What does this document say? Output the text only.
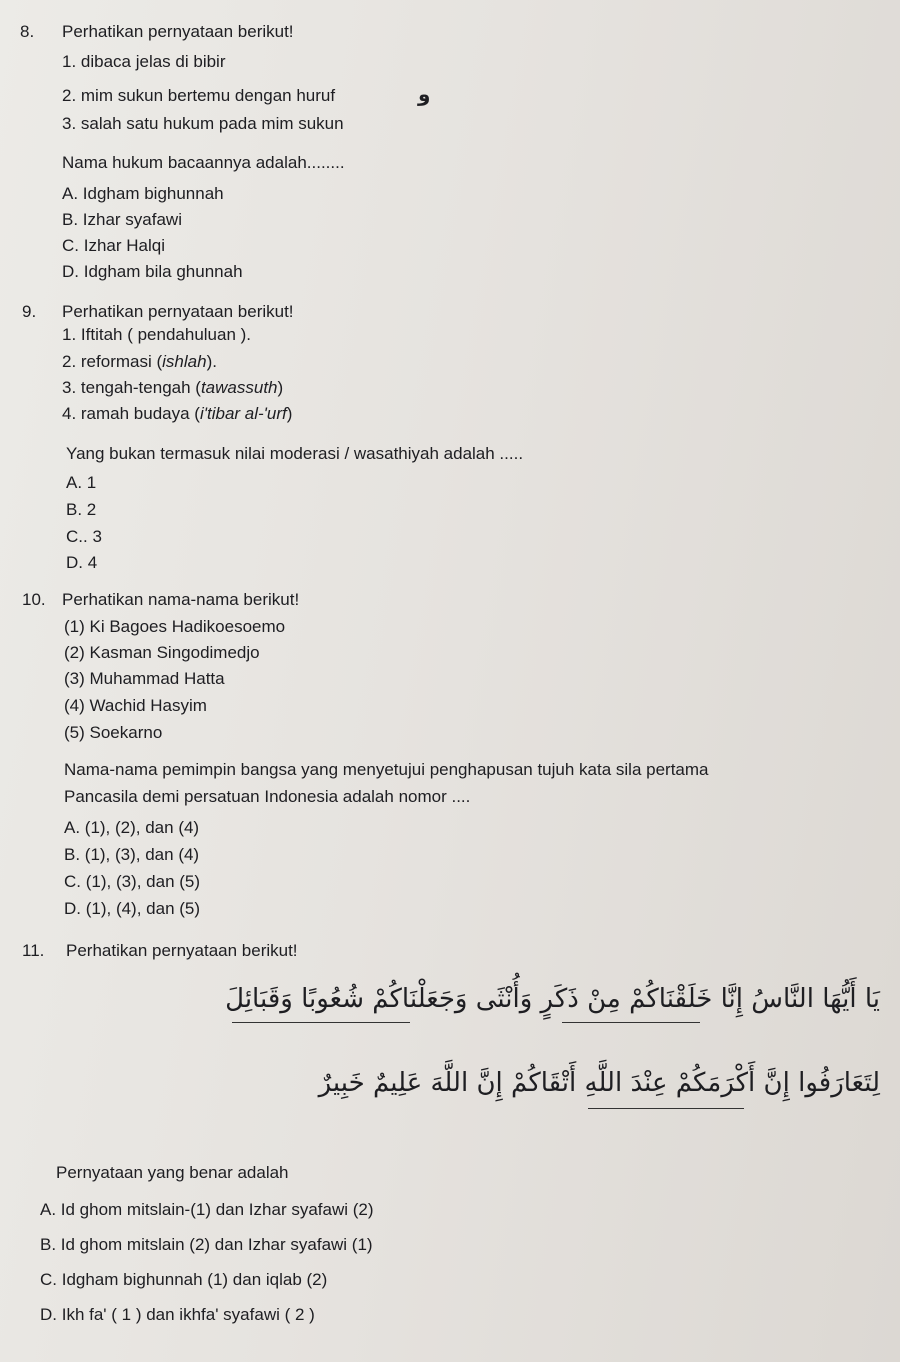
8. Perhatikan pernyataan berikut!
1. dibaca jelas di bibir
2. mim sukun bertemu dengan huruf	و
3. salah satu hukum pada mim sukun
Nama hukum bacaannya adalah........
A. Idgham bighunnah
B. Izhar syafawi
C. Izhar Halqi
D. Idgham bila ghunnah
9. Perhatikan pernyataan berikut!
1. Iftitah ( pendahuluan ).
2. reformasi (ishlah).
3. tengah-tengah (tawassuth)
4. ramah budaya (i'tibar al-'urf)
Yang bukan termasuk nilai moderasi / wasathiyah adalah .....
A. 1
B. 2
C.. 3
D. 4
10. Perhatikan nama-nama berikut!
(1) Ki Bagoes Hadikoesoemo
(2) Kasman Singodimedjo
(3) Muhammad Hatta
(4) Wachid Hasyim
(5) Soekarno
Nama-nama pemimpin bangsa yang menyetujui penghapusan tujuh kata sila pertama
Pancasila demi persatuan Indonesia adalah nomor ....
A. (1), (2), dan (4)
B. (1), (3), dan (4)
C. (1), (3), dan (5)
D. (1), (4), dan (5)
11. Perhatikan pernyataan berikut!
يَا أَيُّهَا النَّاسُ إِنَّا خَلَقْنَاكُمْ مِنْ ذَكَرٍ وَأُنْثَى وَجَعَلْنَاكُمْ شُعُوبًا وَقَبَائِلَ
لِتَعَارَفُوا إِنَّ أَكْرَمَكُمْ عِنْدَ اللَّهِ أَتْقَاكُمْ إِنَّ اللَّهَ عَلِيمٌ خَبِيرٌ
Pernyataan yang benar adalah
A. Id ghom mitslain-(1) dan Izhar syafawi (2)
B. Id ghom mitslain (2) dan Izhar syafawi (1)
C. Idgham bighunnah (1) dan iqlab (2)
D. Ikh fa' ( 1 ) dan ikhfa' syafawi ( 2 )
